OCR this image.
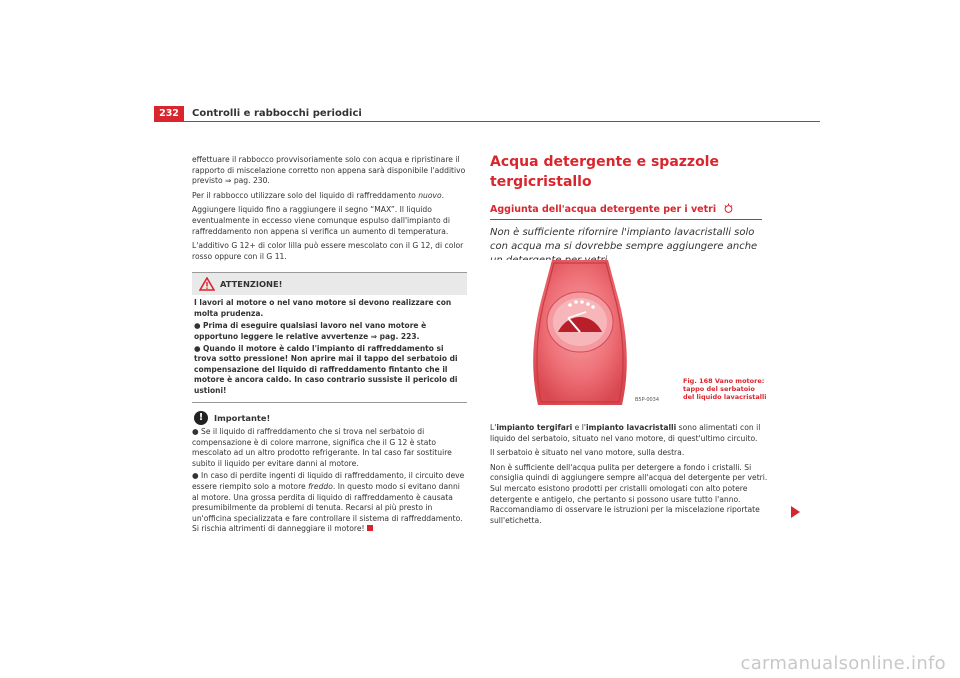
232	Controlli e rabbocchi periodici

effettuare il rabbocco provvisoriamente solo con acqua e ripristinare il rapporto di miscelazione corretto non appena sarà disponibile l'additivo previsto ⇒ pag. 230.

Per il rabbocco utilizzare solo del liquido di raffreddamento nuovo.

Aggiungere liquido fino a raggiungere il segno “MAX”. Il liquido eventualmente in eccesso viene comunque espulso dall'impianto di raffreddamento non appena si verifica un aumento di temperatura.

L'additivo G 12+ di color lilla può essere mescolato con il G 12, di color rosso oppure con il G 11.

ATTENZIONE!

I lavori al motore o nel vano motore si devono realizzare con molta prudenza.

● Prima di eseguire qualsiasi lavoro nel vano motore è opportuno leggere le relative avvertenze ⇒ pag. 223.

● Quando il motore è caldo l'impianto di raffreddamento si trova sotto pressione! Non aprire mai il tappo del serbatoio di compensazione del liquido di raffreddamento fintanto che il motore è ancora caldo. In caso contrario sussiste il pericolo di ustioni!

!	Importante!

● Se il liquido di raffreddamento che si trova nel serbatoio di compensazione è di colore marrone, significa che il G 12 è stato mescolato ad un altro prodotto refrigerante. In tal caso far sostituire subito il liquido per evitare danni al motore.

● In caso di perdite ingenti di liquido di raffreddamento, il circuito deve essere riempito solo a motore freddo. In questo modo si evitano danni al motore. Una grossa perdita di liquido di raffreddamento è causata presumibilmente da problemi di tenuta. Recarsi al più presto in un'officina specializzata e fare controllare il sistema di raffreddamento. Si rischia altrimenti di danneggiare il motore!

Acqua detergente e spazzole tergicristallo
Aggiunta dell'acqua detergente per i vetri
Non è sufficiente rifornire l'impianto lavacristalli solo con acqua ma si dovrebbe sempre aggiungere anche
B5P-0034
Fig. 168 Vano motore: tappo del serbatoio del liquido lavacristalli

L'impianto tergifari e l'impianto lavacristalli sono alimentati con il liquido del serbatoio, situato nel vano motore, di quest'ultimo circuito.

Il serbatoio è situato nel vano motore, sulla destra.

Non è sufficiente dell'acqua pulita per detergere a fondo i cristalli. Si consiglia quindi di aggiungere sempre all'acqua del detergente per vetri. Sul mercato esistono prodotti per cristalli omologati con alto potere detergente e antigelo, che pertanto si possono usare tutto l'anno. Raccomandiamo di osservare le istruzioni per la miscelazione riportate sull'etichetta.

carmanualsonline.info
